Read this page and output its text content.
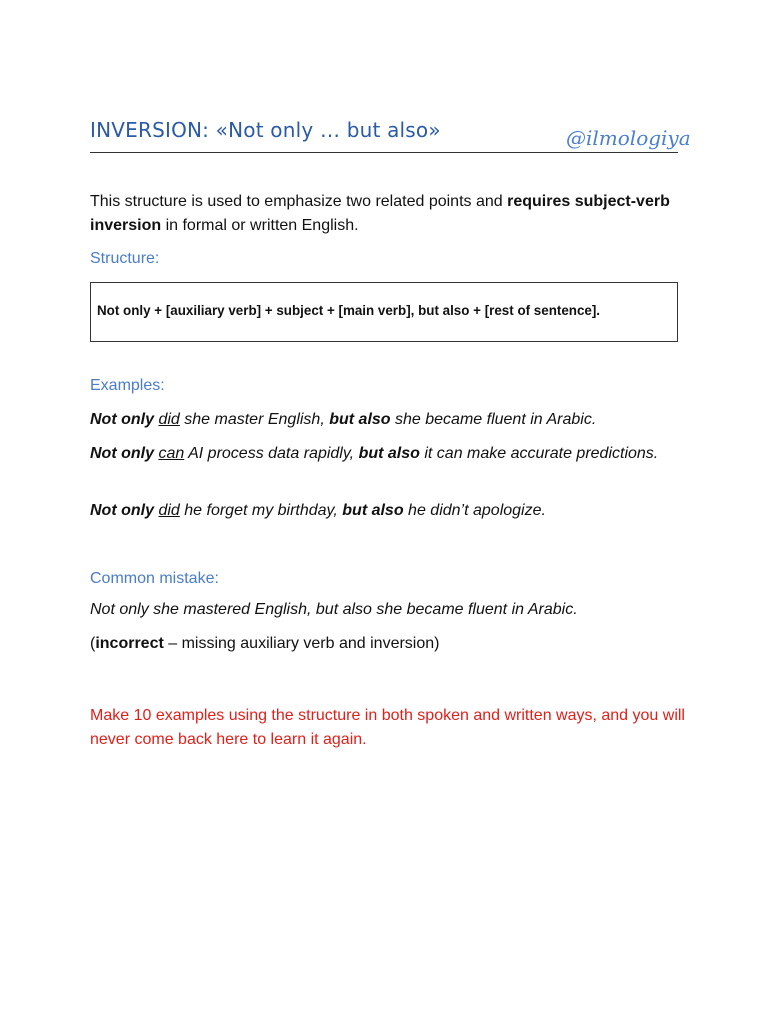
INVERSION: «Not only … but also»	@ilmologiya
This structure is used to emphasize two related points and requires subject-verb inversion in formal or written English.
Structure:
Not only + [auxiliary verb] + subject + [main verb], but also + [rest of sentence].
Examples:
Not only did she master English, but also she became fluent in Arabic.
Not only can AI process data rapidly, but also it can make accurate predictions.
Not only did he forget my birthday, but also he didn’t apologize.
Common mistake:
Not only she mastered English, but also she became fluent in Arabic.
(incorrect – missing auxiliary verb and inversion)
Make 10 examples using the structure in both spoken and written ways, and you will never come back here to learn it again.
